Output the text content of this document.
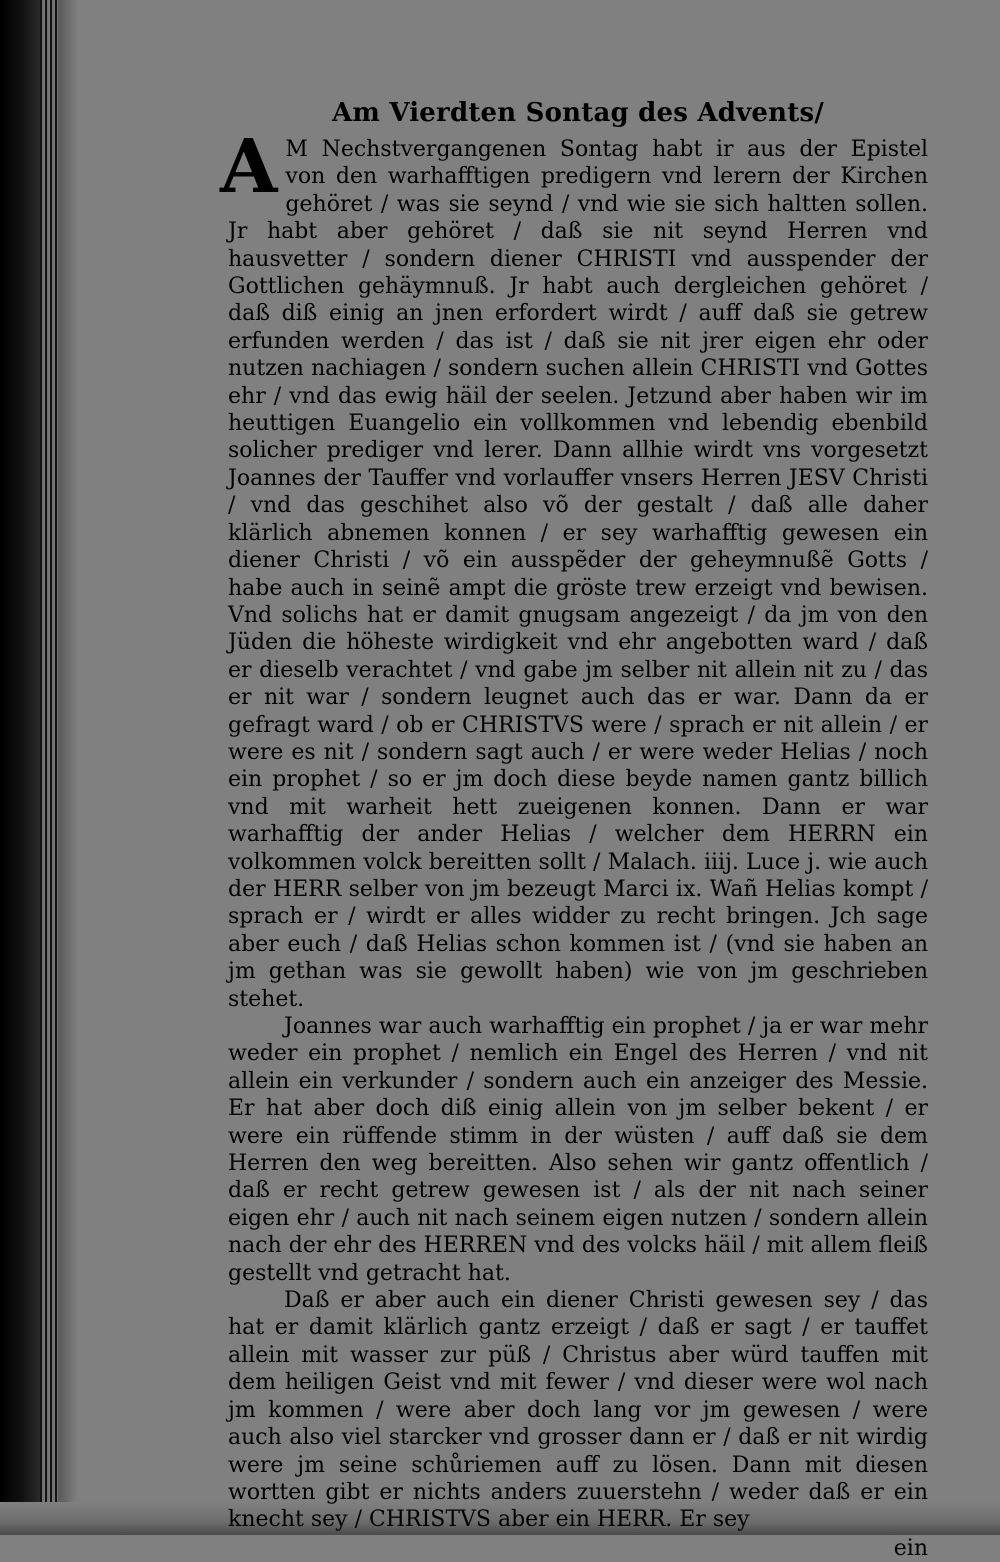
Am Vierdten Sontag des Advents/

A M Nechstvergangenen Sontag habt ir aus der Epistel von den warhafftigen predigern vnd lerern der Kirchen gehöret / was sie seynd / vnd wie sie sich haltten sollen. Jr habt aber gehöret / daß sie nit seynd Herren vnd hausvetter / sondern diener CHRISTI vnd ausspender der Gottlichen gehäymnuß. Jr habt auch dergleichen gehöret / daß diß einig an jnen erfordert wirdt / auff daß sie getrew erfunden werden / das ist / daß sie nit jrer eigen ehr oder nutzen nachiagen / sondern suchen allein CHRISTI vnd Gottes ehr / vnd das ewig häil der seelen. Jetzund aber haben wir im heuttigen Euangelio ein vollkommen vnd lebendig ebenbild solicher prediger vnd lerer. Dann allhie wirdt vns vorgesetzt Joannes der Tauffer vnd vorlauffer vnsers Herren JESV Christi / vnd das geschihet also võ der gestalt / daß alle daher klärlich abnemen konnen / er sey warhafftig gewesen ein diener Christi / võ ein ausspẽder der geheymnußẽ Gotts / habe auch in seinẽ ampt die gröste trew erzeigt vnd bewisen. Vnd solichs hat er damit gnugsam angezeigt / da jm von den Jüden die höheste wirdigkeit vnd ehr angebotten ward / daß er dieselb verachtet / vnd gabe jm selber nit allein nit zu / das er nit war / sondern leugnet auch das er war. Dann da er gefragt ward / ob er CHRISTVS were / sprach er nit allein / er were es nit / sondern sagt auch / er were weder Helias / noch ein prophet / so er jm doch diese beyde namen gantz billich vnd mit warheit hett zueigenen konnen. Dann er war warhafftig der ander Helias / welcher dem HERRN ein volkommen volck bereitten sollt / Malach. iiij. Luce j. wie auch der HERR selber von jm bezeugt Marci ix. Wañ Helias kompt / sprach er / wirdt er alles widder zu recht bringen. Jch sage aber euch / daß Helias schon kommen ist / (vnd sie haben an jm gethan was sie gewollt haben) wie von jm geschrieben stehet.

Joannes war auch warhafftig ein prophet / ja er war mehr weder ein prophet / nemlich ein Engel des Herren / vnd nit allein ein verkunder / sondern auch ein anzeiger des Messie. Er hat aber doch diß einig allein von jm selber bekent / er were ein rüffende stimm in der wüsten / auff daß sie dem Herren den weg bereitten. Also sehen wir gantz offentlich / daß er recht getrew gewesen ist / als der nit nach seiner eigen ehr / auch nit nach seinem eigen nutzen / sondern allein nach der ehr des HERREN vnd des volcks häil / mit allem fleiß gestellt vnd getracht hat.

Daß er aber auch ein diener Christi gewesen sey / das hat er damit klärlich gantz erzeigt / daß er sagt / er tauffet allein mit wasser zur püß / Christus aber würd tauffen mit dem heiligen Geist vnd mit fewer / vnd dieser were wol nach jm kommen / were aber doch lang vor jm gewesen / were auch also viel starcker vnd grosser dann er / daß er nit wirdig were jm seine schůriemen auff zu lösen. Dann mit diesen wortten gibt er nichts anders zuuerstehn / weder daß er ein knecht sey / CHRISTVS aber ein HERR. Er sey

ein
